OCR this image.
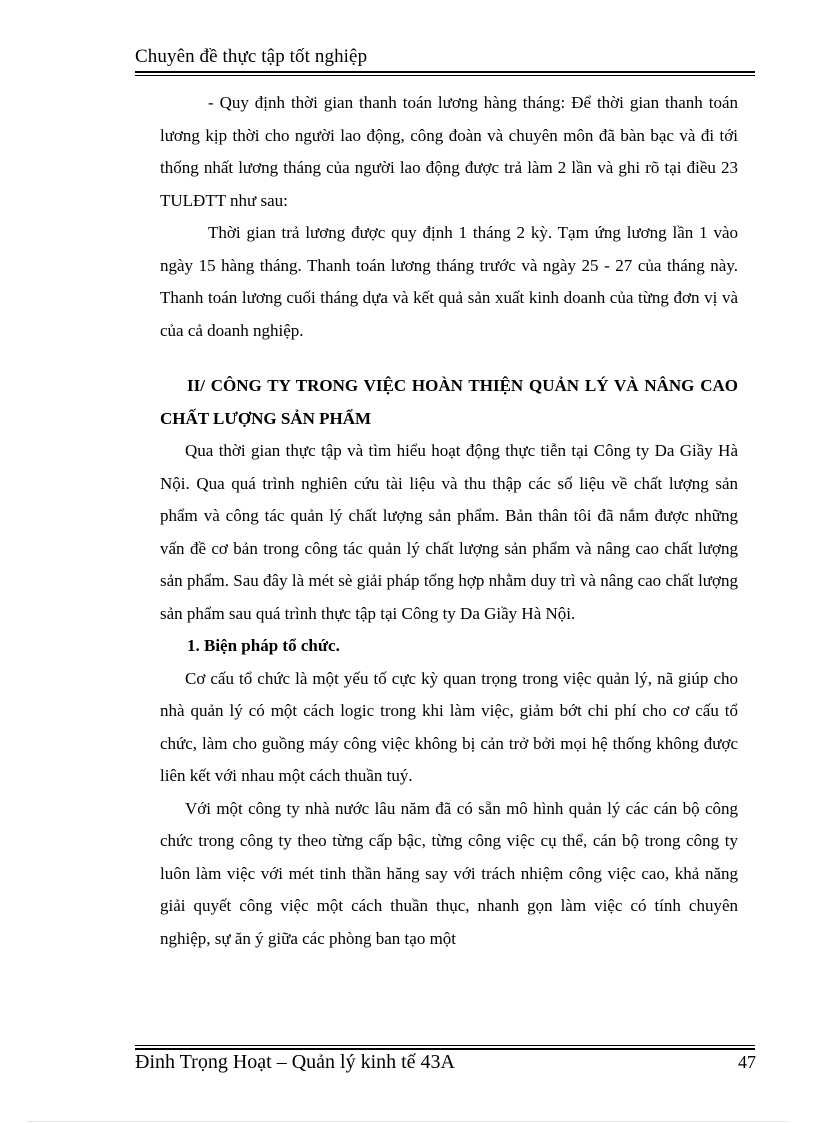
Chuyên đề thực tập tốt nghiệp

- Quy định thời gian thanh toán lương hàng tháng: Để thời gian thanh toán lương kịp thời cho người lao động, công đoàn và chuyên môn đã bàn bạc và đi tới thống nhất lương tháng của người lao động được trả làm 2 lần và ghi rõ tại điều 23 TULĐTT như sau:

Thời gian trả lương được quy định 1 tháng 2 kỳ. Tạm ứng lương lần 1 vào ngày 15 hàng tháng. Thanh toán lương tháng trước và ngày 25 - 27 của tháng này. Thanh toán lương cuối tháng dựa và kết quả sản xuất kinh doanh của từng đơn vị và của cả doanh nghiệp.

II/ CÔNG TY TRONG VIỆC HOÀN THIỆN QUẢN LÝ VÀ NÂNG CAO CHẤT LƯỢNG SẢN PHẨM

Qua thời gian thực tập và tìm hiểu hoạt động thực tiễn tại Công ty Da Giầy Hà Nội. Qua quá trình nghiên cứu tài liệu và thu thập các số liệu về chất lượng sản phẩm và công tác quản lý chất lượng sản phẩm. Bản thân tôi đã nắm được những vấn đề cơ bản trong công tác quản lý chất lượng sản phẩm và nâng cao chất lượng sản phẩm. Sau đây là mét sè giải pháp tổng hợp nhằm duy trì và nâng cao chất lượng sản phẩm sau quá trình thực tập tại Công ty Da Giầy Hà Nội.

1. Biện pháp tổ chức.

Cơ cấu tổ chức là một yếu tố cực kỳ quan trọng trong việc quản lý, nã giúp cho nhà quản lý có một cách logic trong khi làm việc, giảm bớt chi phí cho cơ cấu tổ chức, làm cho guồng máy công việc không bị cản trở bởi mọi hệ thống không được liên kết với nhau một cách thuần tuý.

Với một công ty nhà nước lâu năm đã có sẵn mô hình quản lý các cán bộ công chức trong công ty theo từng cấp bậc, từng công việc cụ thể, cán bộ trong công ty luôn làm việc với mét tinh thần hăng say với trách nhiệm công việc cao, khả năng giải quyết công việc một cách thuần thục, nhanh gọn làm việc có tính chuyên nghiệp, sự ăn ý giữa các phòng ban tạo một

Đinh Trọng Hoạt – Quản lý kinh tế 43A	47
